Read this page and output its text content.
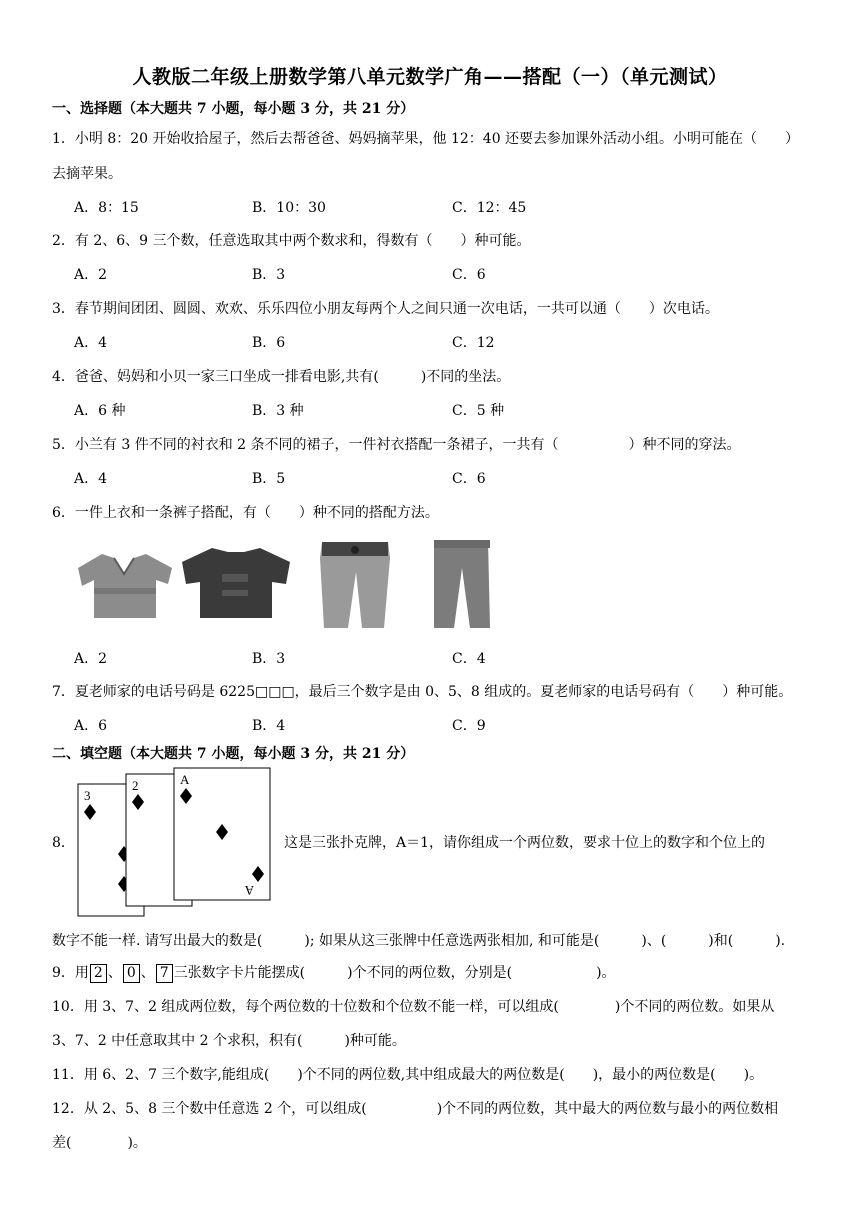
人教版二年级上册数学第八单元数学广角——搭配（一）（单元测试）
一、选择题（本大题共 7 小题，每小题 3 分，共 21 分）
1．小明 8：20 开始收拾屋子，然后去帮爸爸、妈妈摘苹果，他 12：40 还要去参加课外活动小组。小明可能在（　　）
去摘苹果。
A．8：15	B．10：30	C．12：45
2．有 2、6、9 三个数，任意选取其中两个数求和，得数有（　　）种可能。
A．2	B．3	C．6
3．春节期间团团、圆圆、欢欢、乐乐四位小朋友每两个人之间只通一次电话，一共可以通（　　）次电话。
A．4	B．6	C．12
4．爸爸、妈妈和小贝一家三口坐成一排看电影,共有(　　　)不同的坐法。
A．6 种	B．3 种	C．5 种
5．小兰有 3 件不同的衬衣和 2 条不同的裙子，一件衬衣搭配一条裙子，一共有（　　　　　）种不同的穿法。
A．4	B．5	C．6
6．一件上衣和一条裤子搭配，有（　　）种不同的搭配方法。
A．2	B．3	C．4
7．夏老师家的电话号码是 6225□□□，最后三个数字是由 0、5、8 组成的。夏老师家的电话号码有（　　）种可能。
A．6	B．4	C．9
二、填空题（本大题共 7 小题，每小题 3 分，共 21 分）
8．
3
2	A
A
这是三张扑克牌，A＝1，请你组成一个两位数，要求十位上的数字和个位上的
数字不能一样. 请写出最大的数是(　　　); 如果从这三张牌中任意选两张相加, 和可能是(　　　)、(　　　)和(　　　).
9．用 2 、 0 、 7 三张数字卡片能摆成(　　　)个不同的两位数，分别是(　　　　　　)。
10．用 3、7、2 组成两位数，每个两位数的十位数和个位数不能一样，可以组成(　　　　)个不同的两位数。如果从
3、7、2 中任意取其中 2 个求积，积有(　　　)种可能。
11．用 6、2、7 三个数字,能组成(　　)个不同的两位数,其中组成最大的两位数是(　　)，最小的两位数是(　　)。
12．从 2、5、8 三个数中任意选 2 个，可以组成(　　　　　)个不同的两位数，其中最大的两位数与最小的两位数相
差(　　　　)。
